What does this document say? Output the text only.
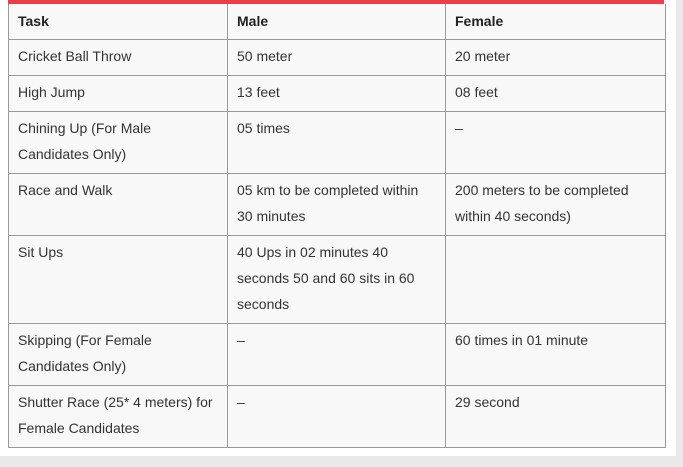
Task	Male	Female
Cricket Ball Throw	50 meter	20 meter
High Jump	13 feet	08 feet
Chining Up (For Male Candidates Only)	05 times	–
Race and Walk	05 km to be completed within 30 minutes	200 meters to be completed within 40 seconds)
Sit Ups	40 Ups in 02 minutes 40 seconds 50 and 60 sits in 60 seconds	
Skipping (For Female Candidates Only)	–	60 times in 01 minute
Shutter Race (25* 4 meters) for Female Candidates	–	29 second
